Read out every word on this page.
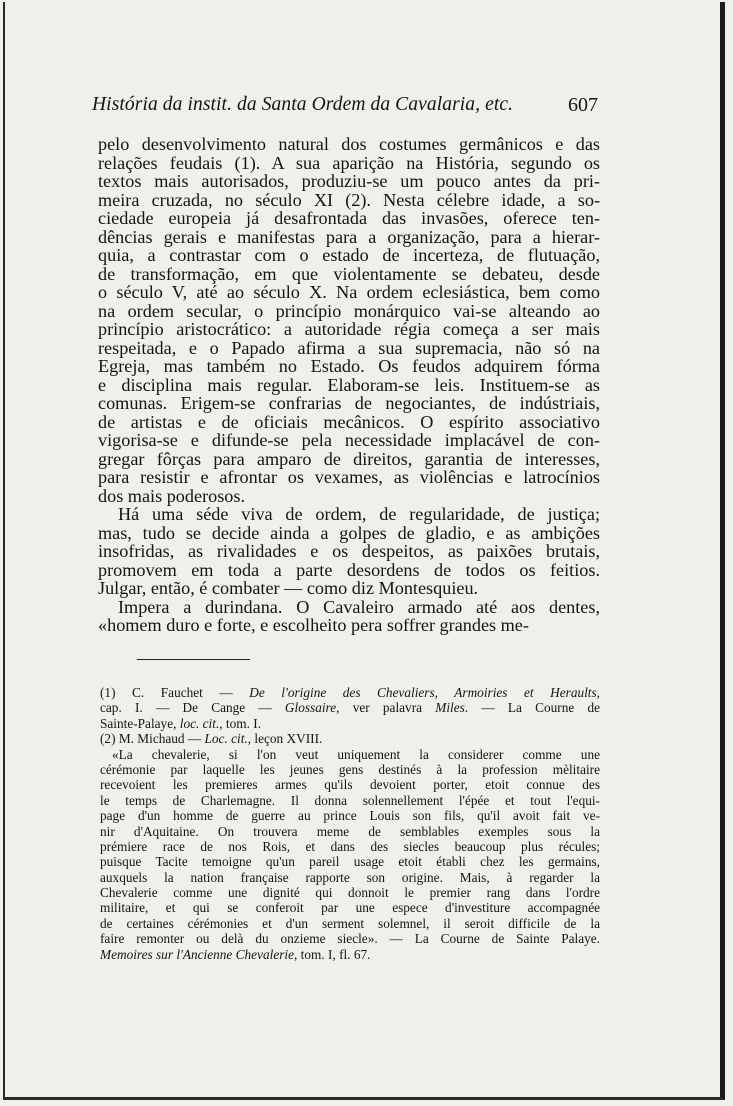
História da instit. da Santa Ordem da Cavalaria, etc.	607
pelo desenvolvimento natural dos costumes germânicos e das
relações feudais (1). A sua aparição na História, segundo os
textos mais autorisados, produziu-se um pouco antes da pri-
meira cruzada, no século XI (2). Nesta célebre idade, a so-
ciedade europeia já desafrontada das invasões, oferece ten-
dências gerais e manifestas para a organização, para a hierar-
quia, a contrastar com o estado de incerteza, de flutuação,
de transformação, em que violentamente se debateu, desde
o século V, até ao século X. Na ordem eclesiástica, bem como
na ordem secular, o princípio monárquico vai-se alteando ao
princípio aristocrático: a autoridade régia começa a ser mais
respeitada, e o Papado afirma a sua supremacia, não só na
Egreja, mas também no Estado. Os feudos adquirem fórma
e disciplina mais regular. Elaboram-se leis. Instituem-se as
comunas. Erigem-se confrarias de negociantes, de indústriais,
de artistas e de oficiais mecânicos. O espírito associativo
vigorisa-se e difunde-se pela necessidade implacável de con-
gregar fôrças para amparo de direitos, garantia de interesses,
para resistir e afrontar os vexames, as violências e latrocínios
dos mais poderosos.
Há uma séde viva de ordem, de regularidade, de justiça;
mas, tudo se decide ainda a golpes de gladio, e as ambições
insofridas, as rivalidades e os despeitos, as paixões brutais,
promovem em toda a parte desordens de todos os feitios.
Julgar, então, é combater — como diz Montesquieu.
Impera a durindana. O Cavaleiro armado até aos dentes,
«homem duro e forte, e escolheito pera soffrer grandes me-
(1) C. Fauchet — De l'origine des Chevaliers, Armoiries et Heraults,
cap. I. — De Cange — Glossaire, ver palavra Miles. — La Courne de
Sainte-Palaye, loc. cit., tom. I.
(2) M. Michaud — Loc. cit., leçon XVIII.
«La chevalerie, si l'on veut uniquement la considerer comme une
cérémonie par laquelle les jeunes gens destinés à la profession mèlitaire
recevoient les premieres armes qu'ils devoient porter, etoit connue des
le temps de Charlemagne. Il donna solennellement l'épée et tout l'equi-
page d'un homme de guerre au prince Louis son fils, qu'il avoit fait ve-
nir d'Aquitaine. On trouvera meme de semblables exemples sous la
prémiere race de nos Rois, et dans des siecles beaucoup plus récules;
puisque Tacite temoigne qu'un pareil usage etoit établi chez les germains,
auxquels la nation française rapporte son origine. Mais, à regarder la
Chevalerie comme une dignité qui donnoit le premier rang dans l'ordre
militaire, et qui se conferoit par une espece d'investiture accompagnée
de certaines cérémonies et d'un serment solemnel, il seroit difficile de la
faire remonter ou delà du onzieme siecle». — La Courne de Sainte Palaye.
Memoires sur l'Ancienne Chevalerie, tom. I, fl. 67.
